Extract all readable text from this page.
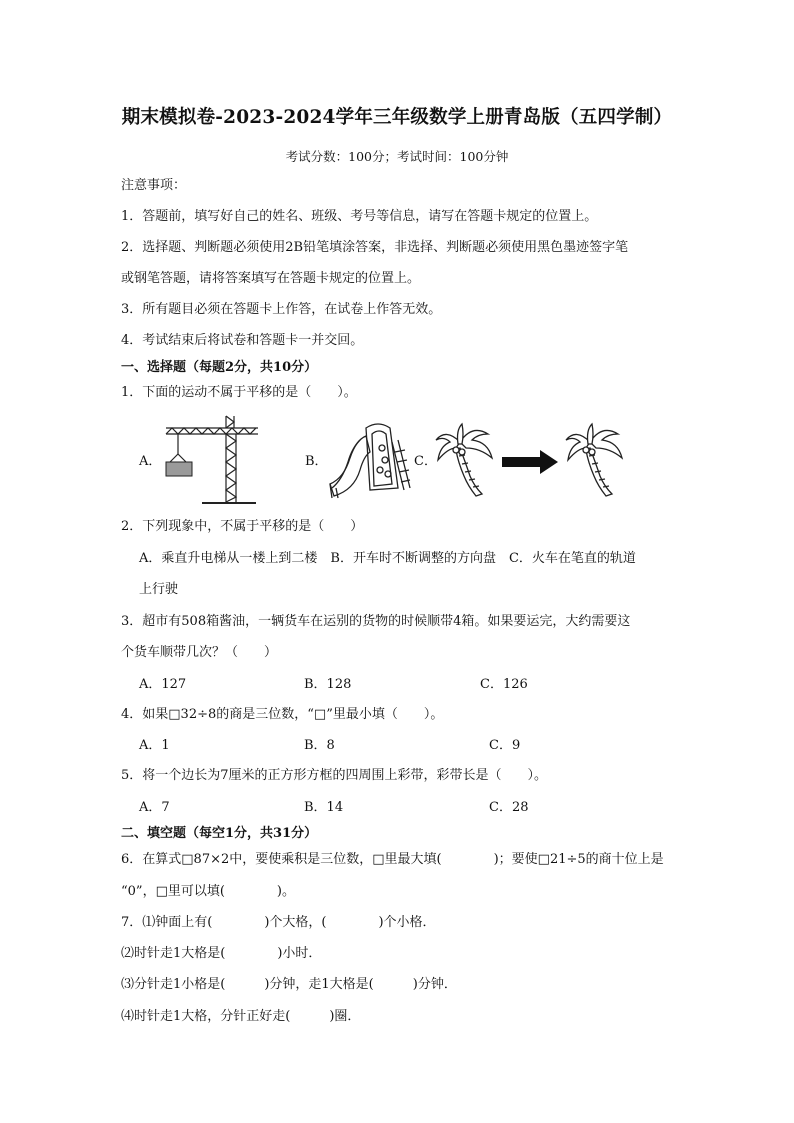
期末模拟卷-2023-2024学年三年级数学上册青岛版（五四学制）
考试分数：100分；考试时间：100分钟
注意事项：
1．答题前，填写好自己的姓名、班级、考号等信息，请写在答题卡规定的位置上。
2．选择题、判断题必须使用2B铅笔填涂答案，非选择、判断题必须使用黑色墨迹签字笔
或钢笔答题，请将答案填写在答题卡规定的位置上。
3．所有题目必须在答题卡上作答，在试卷上作答无效。
4．考试结束后将试卷和答题卡一并交回。
一、选择题（每题2分，共10分）
1．下面的运动不属于平移的是（　　）。
A．	B．	C．
2．下列现象中，不属于平移的是（　　）
A．乘直升电梯从一楼上到二楼　B．开车时不断调整的方向盘　C．火车在笔直的轨道
上行驶
3．超市有508箱酱油，一辆货车在运别的货物的时候顺带4箱。如果要运完，大约需要这
个货车顺带几次？（　　）
A．127	B．128	C．126
4．如果□32÷8的商是三位数，“□”里最小填（　　）。
A．1	B．8	C．9
5．将一个边长为7厘米的正方形方框的四周围上彩带，彩带长是（　　）。
A．7	B．14	C．28
二、填空题（每空1分，共31分）
6．在算式□87×2中，要使乘积是三位数，□里最大填(　　　　)；要使□21÷5的商十位上是
“0”，□里可以填(　　　　)。
7．⑴钟面上有(　　　　)个大格，(　　　　)个小格．
⑵时针走1大格是(　　　　)小时．
⑶分针走1小格是(　　　)分钟，走1大格是(　　　)分钟．
⑷时针走1大格，分针正好走(　　　)圈．
